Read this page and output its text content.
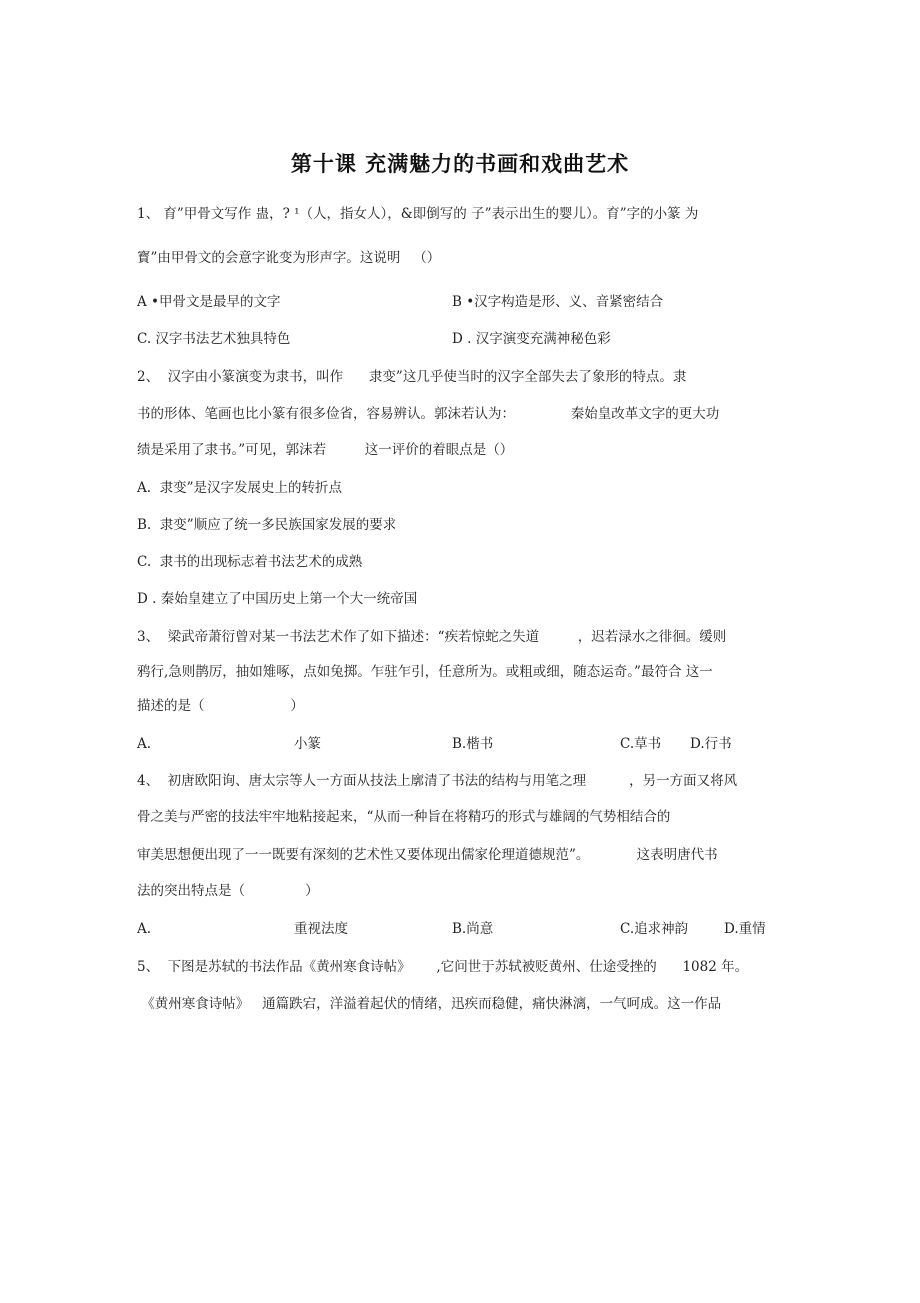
第十课 充满魅力的书画和戏曲艺术
1、 育”甲骨文写作 蛊，? ¹（人，指女人），&即倒写的 子”表示出生的婴儿）。育”字的小篆 为
寳”由甲骨文的会意字讹变为形声字。这说明   （）
A •甲骨文是最早的文字	B •汉字构造是形、义、音紧密结合
C. 汉字书法艺术独具特色	D . 汉字演变充满神秘色彩
2、  汉字由小篆演变为隶书，叫作      隶变”这几乎使当时的汉字全部失去了象形的特点。隶
书的形体、笔画也比小篆有很多俭省，容易辨认。郭沫若认为：             秦始皇改革文字的更大功
绩是采用了隶书。”可见，郭沫若         这一评价的着眼点是（）
A.  隶变”是汉字发展史上的转折点
B.  隶变”顺应了统一多民族国家发展的要求
C.  隶书的出现标志着书法艺术的成熟
D . 秦始皇建立了中国历史上第一个大一统帝国
3、  梁武帝萧衍曾对某一书法艺术作了如下描述：“疾若惊蛇之失道         ，迟若渌水之徘徊。缓则
鸦行,急则鹊厉，抽如雉啄，点如兔掷。乍驻乍引，任意所为。或粗或细，随态运奇。”最符合 这一
描述的是（                    ）
A.	小篆	B.楷书	C.草书 D.行书
4、  初唐欧阳询、唐太宗等人一方面从技法上廓清了书法的结构与用笔之理          ，另一方面又将风
骨之美与严密的技法牢牢地粘接起来，“从而一种旨在将精巧的形式与雄阔的气势相结合的
审美思想便出现了一一既要有深刻的艺术性又要体现出儒家伦理道德规范”。           这表明唐代书
法的突出特点是（              ）
A.	重视法度	B.尚意	C.追求神韵	D.重情
5、  下图是苏轼的书法作品《黄州寒食诗帖》      ,它问世于苏轼被贬黄州、仕途受挫的      1082 年。
《黄州寒食诗帖》   通篇跌宕，洋溢着起伏的情绪，迅疾而稳健，痛快淋漓，一气呵成。这一作品
